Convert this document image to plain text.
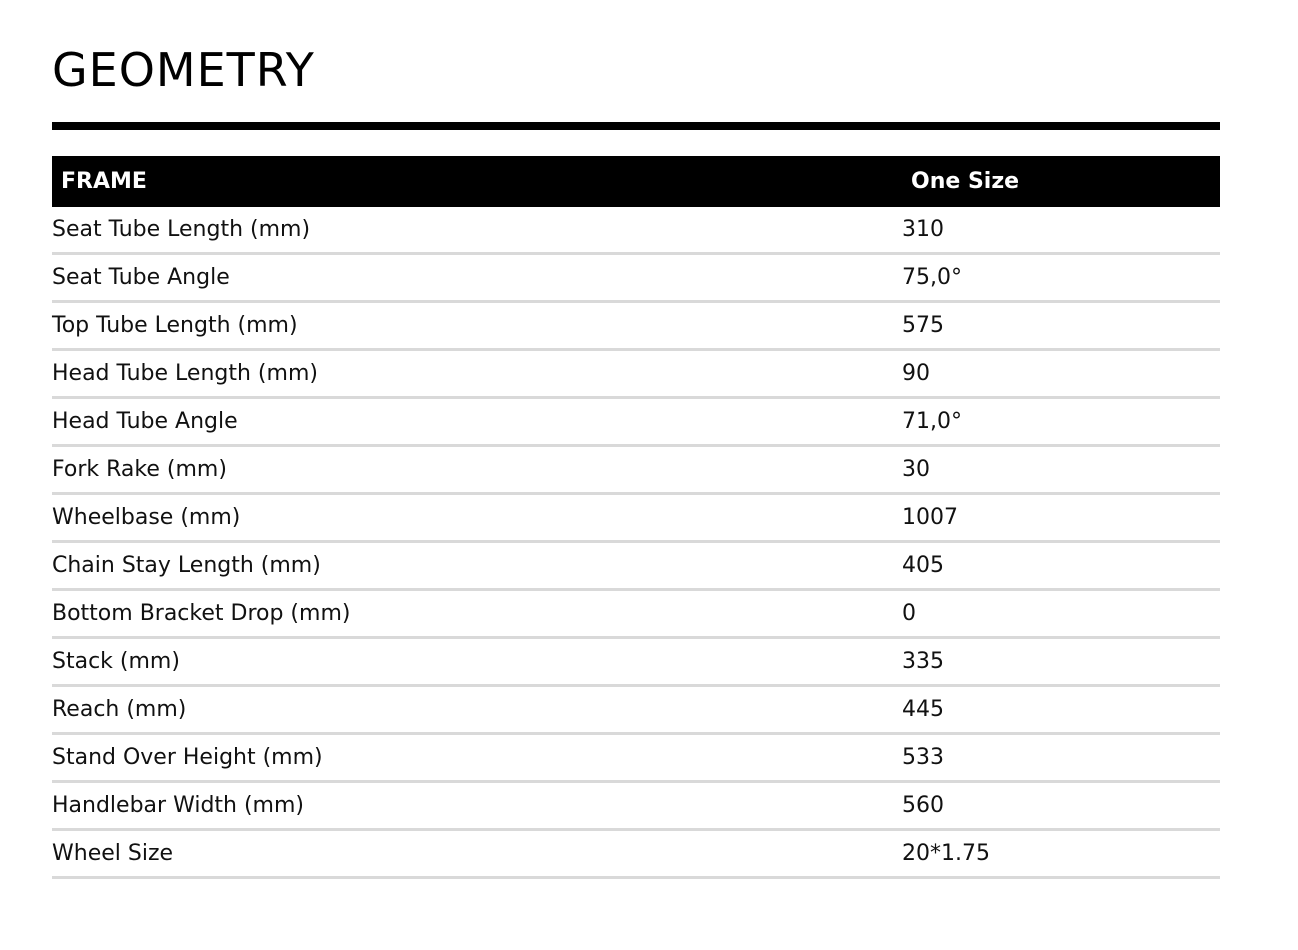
GEOMETRY
FRAME	One Size
Seat Tube Length (mm)	310
Seat Tube Angle	75,0°
Top Tube Length (mm)	575
Head Tube Length (mm)	90
Head Tube Angle	71,0°
Fork Rake (mm)	30
Wheelbase (mm)	1007
Chain Stay Length (mm)	405
Bottom Bracket Drop (mm)	0
Stack (mm)	335
Reach (mm)	445
Stand Over Height (mm)	533
Handlebar Width (mm)	560
Wheel Size	20*1.75
